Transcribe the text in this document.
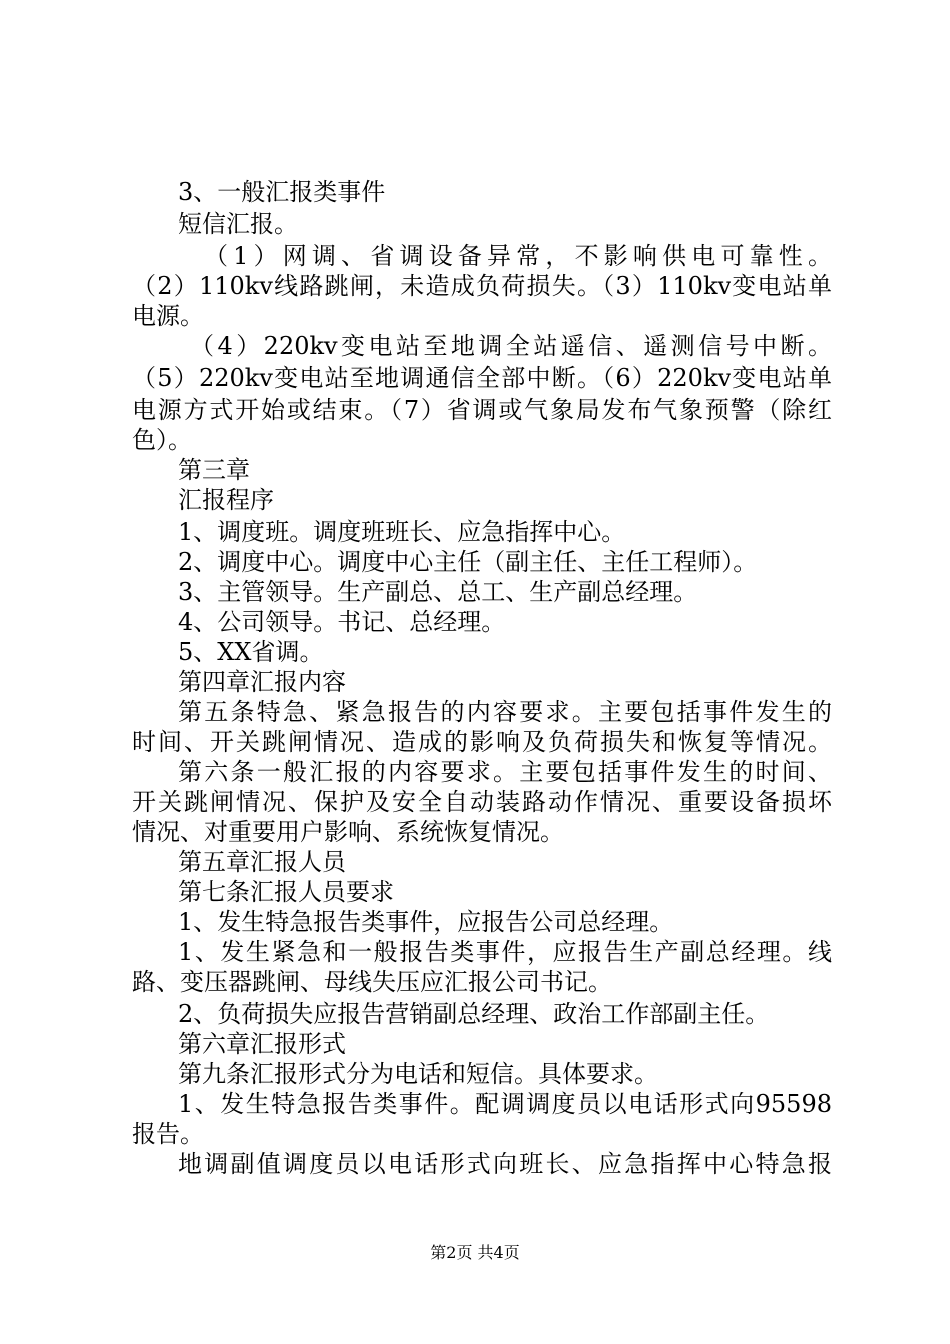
3、一般汇报类事件
短信汇报。
（1）网调、省调设备异常，不影响供电可靠性。
（2）110kv线路跳闸，未造成负荷损失。（3）110kv变电站单
电源。
（4）220kv变电站至地调全站遥信、遥测信号中断。
（5）220kv变电站至地调通信全部中断。（6）220kv变电站单
电源方式开始或结束。（7）省调或气象局发布气象预警（除红
色）。
第三章
汇报程序
1、调度班。调度班班长、应急指挥中心。
2、调度中心。调度中心主任（副主任、主任工程师）。
3、主管领导。生产副总、总工、生产副总经理。
4、公司领导。书记、总经理。
5、XX省调。
第四章汇报内容
第五条特急、紧急报告的内容要求。主要包括事件发生的
时间、开关跳闸情况、造成的影响及负荷损失和恢复等情况。
第六条一般汇报的内容要求。主要包括事件发生的时间、
开关跳闸情况、保护及安全自动装路动作情况、重要设备损坏
情况、对重要用户影响、系统恢复情况。
第五章汇报人员
第七条汇报人员要求
1、发生特急报告类事件，应报告公司总经理。
1、发生紧急和一般报告类事件，应报告生产副总经理。线
路、变压器跳闸、母线失压应汇报公司书记。
2、负荷损失应报告营销副总经理、政治工作部副主任。
第六章汇报形式
第九条汇报形式分为电话和短信。具体要求。
1、发生特急报告类事件。配调调度员以电话形式向95598
报告。
地调副值调度员以电话形式向班长、应急指挥中心特急报
第2页 共4页
